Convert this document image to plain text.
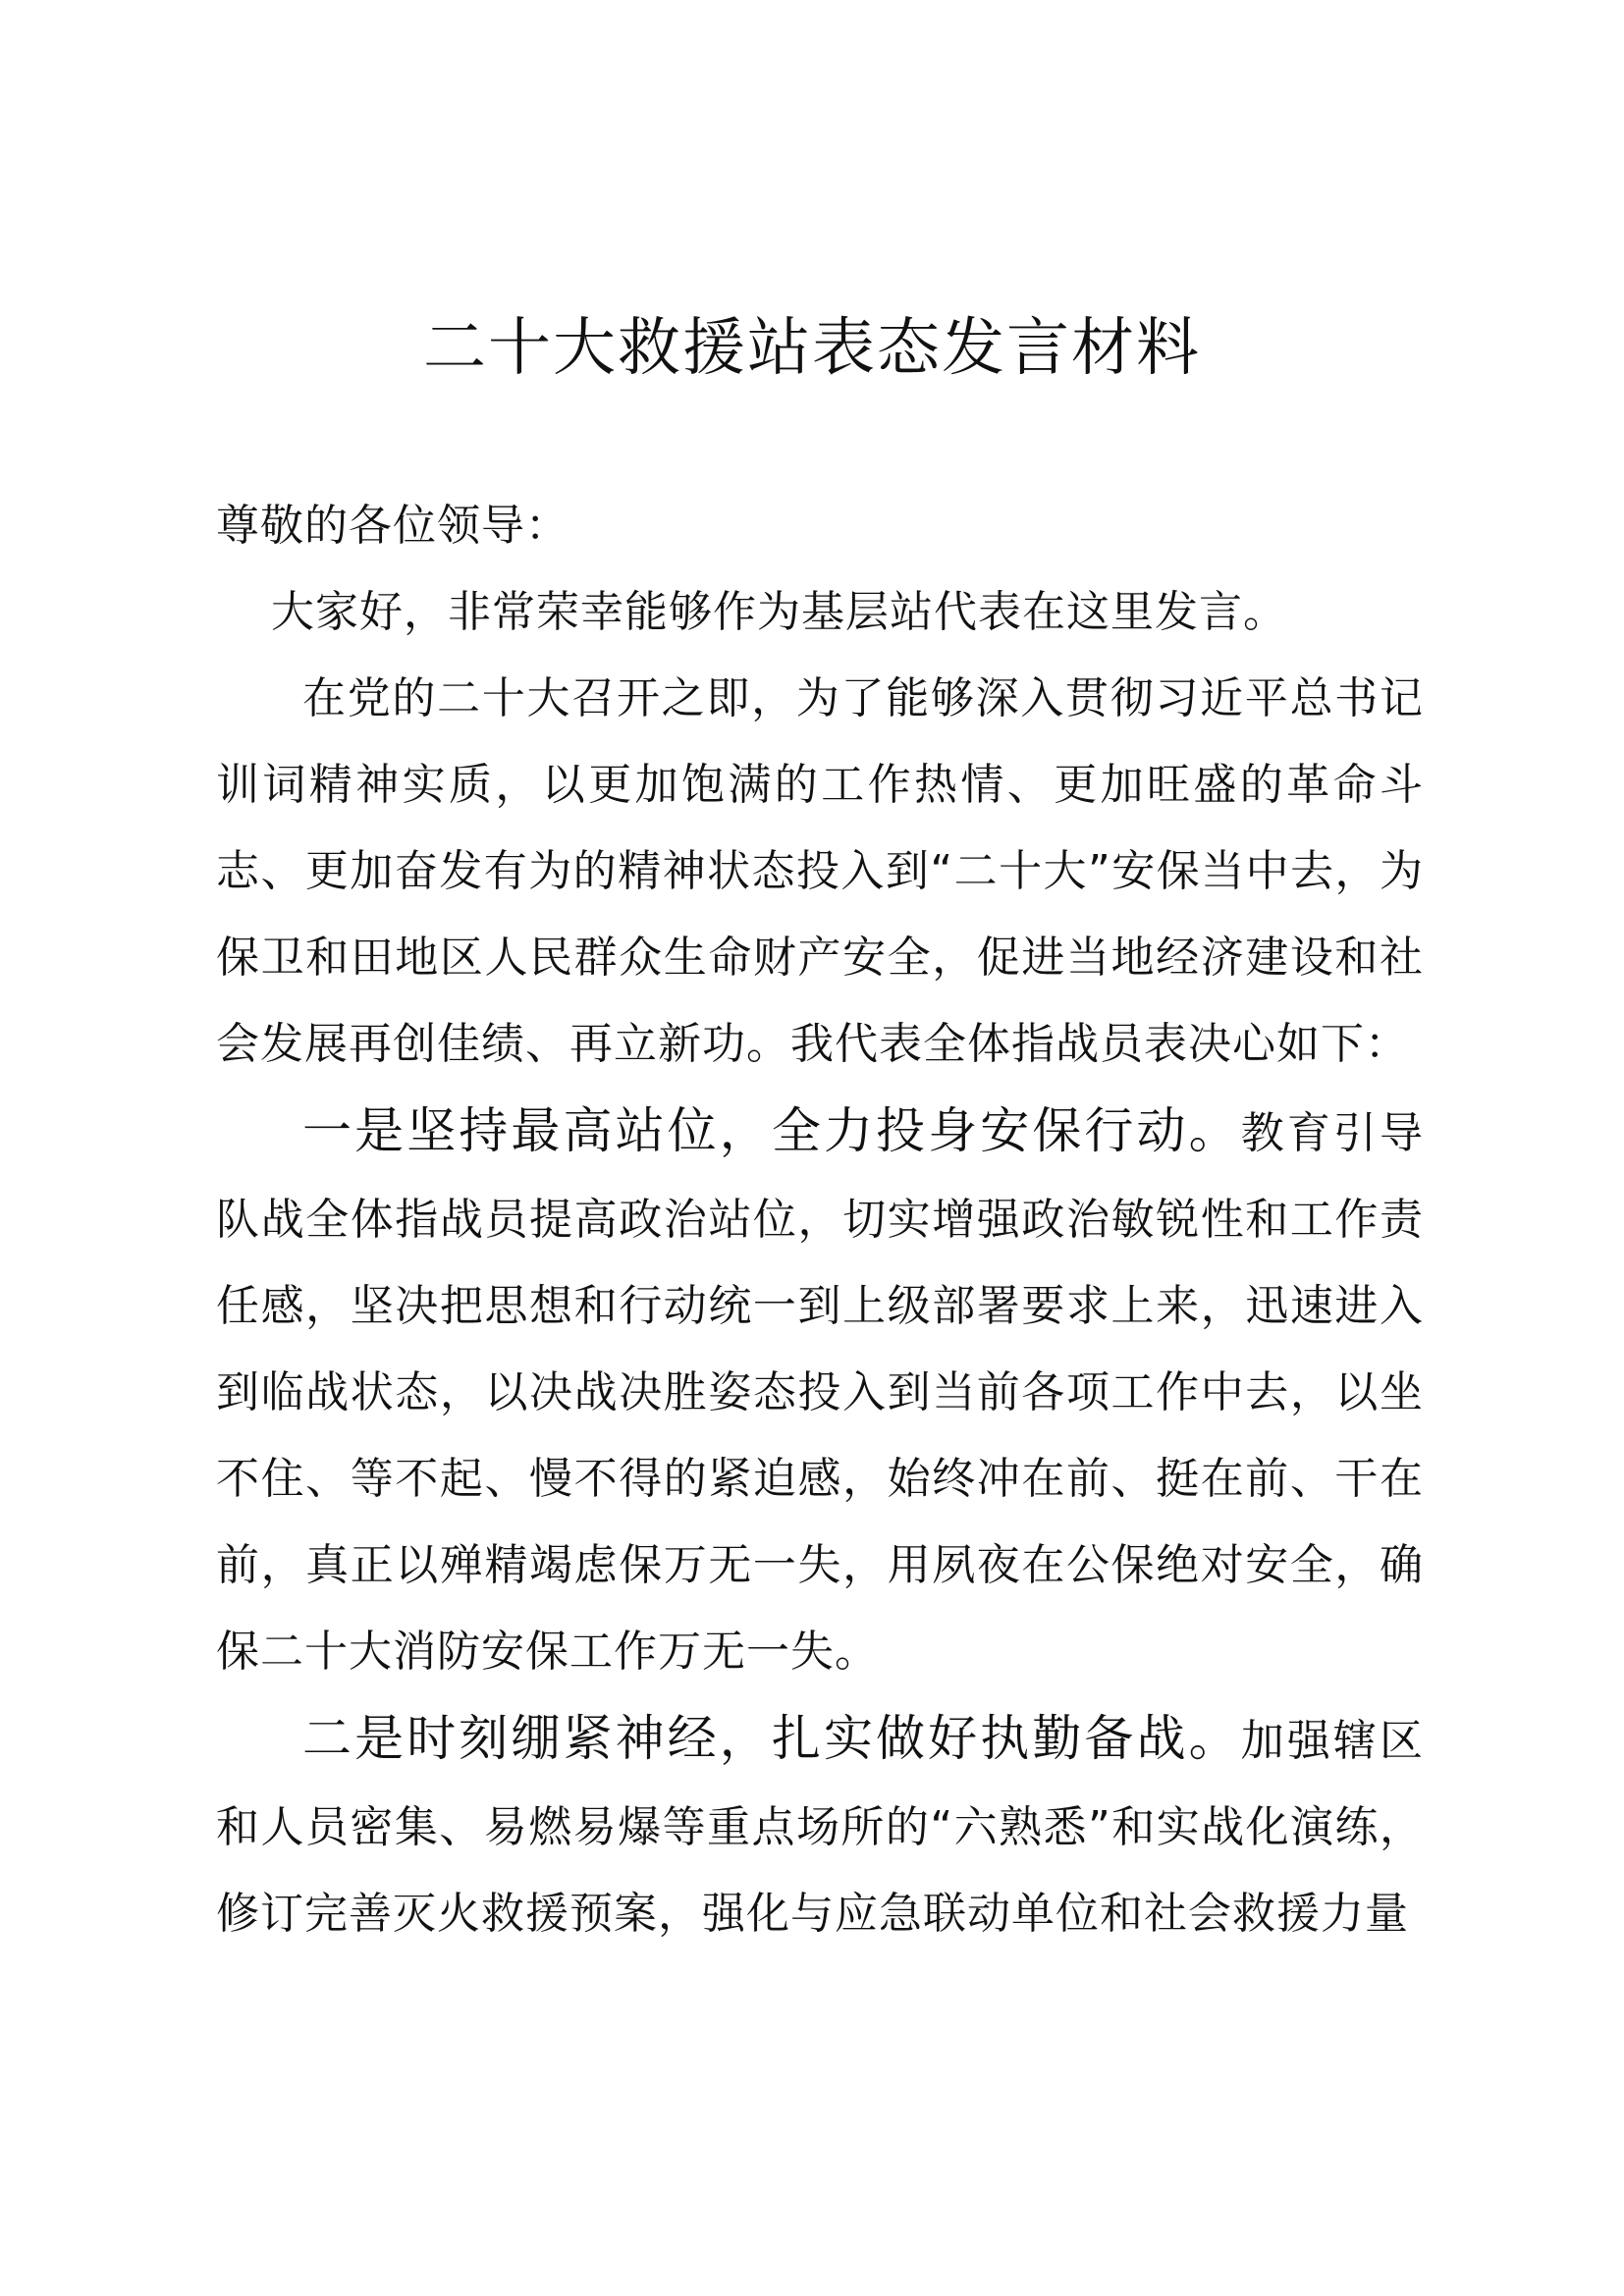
二十大救援站表态发言材料

尊敬的各位领导：

大家好，非常荣幸能够作为基层站代表在这里发言。

在党的二十大召开之即，为了能够深入贯彻习近平总书记训词精神实质，以更加饱满的工作热情、更加旺盛的革命斗志、更加奋发有为的精神状态投入到“二十大”安保当中去，为保卫和田地区人民群众生命财产安全，促进当地经济建设和社会发展再创佳绩、再立新功。我代表全体指战员表决心如下：

一是坚持最高站位，全力投身安保行动。教育引导队战全体指战员提高政治站位，切实增强政治敏锐性和工作责任感，坚决把思想和行动统一到上级部署要求上来，迅速进入到临战状态，以决战决胜姿态投入到当前各项工作中去，以坐不住、等不起、慢不得的紧迫感，始终冲在前、挺在前、干在前，真正以殚精竭虑保万无一失，用夙夜在公保绝对安全，确保二十大消防安保工作万无一失。

二是时刻绷紧神经，扎实做好执勤备战。加强辖区和人员密集、易燃易爆等重点场所的“六熟悉”和实战化演练，修订完善灭火救援预案，强化与应急联动单位和社会救援力量
